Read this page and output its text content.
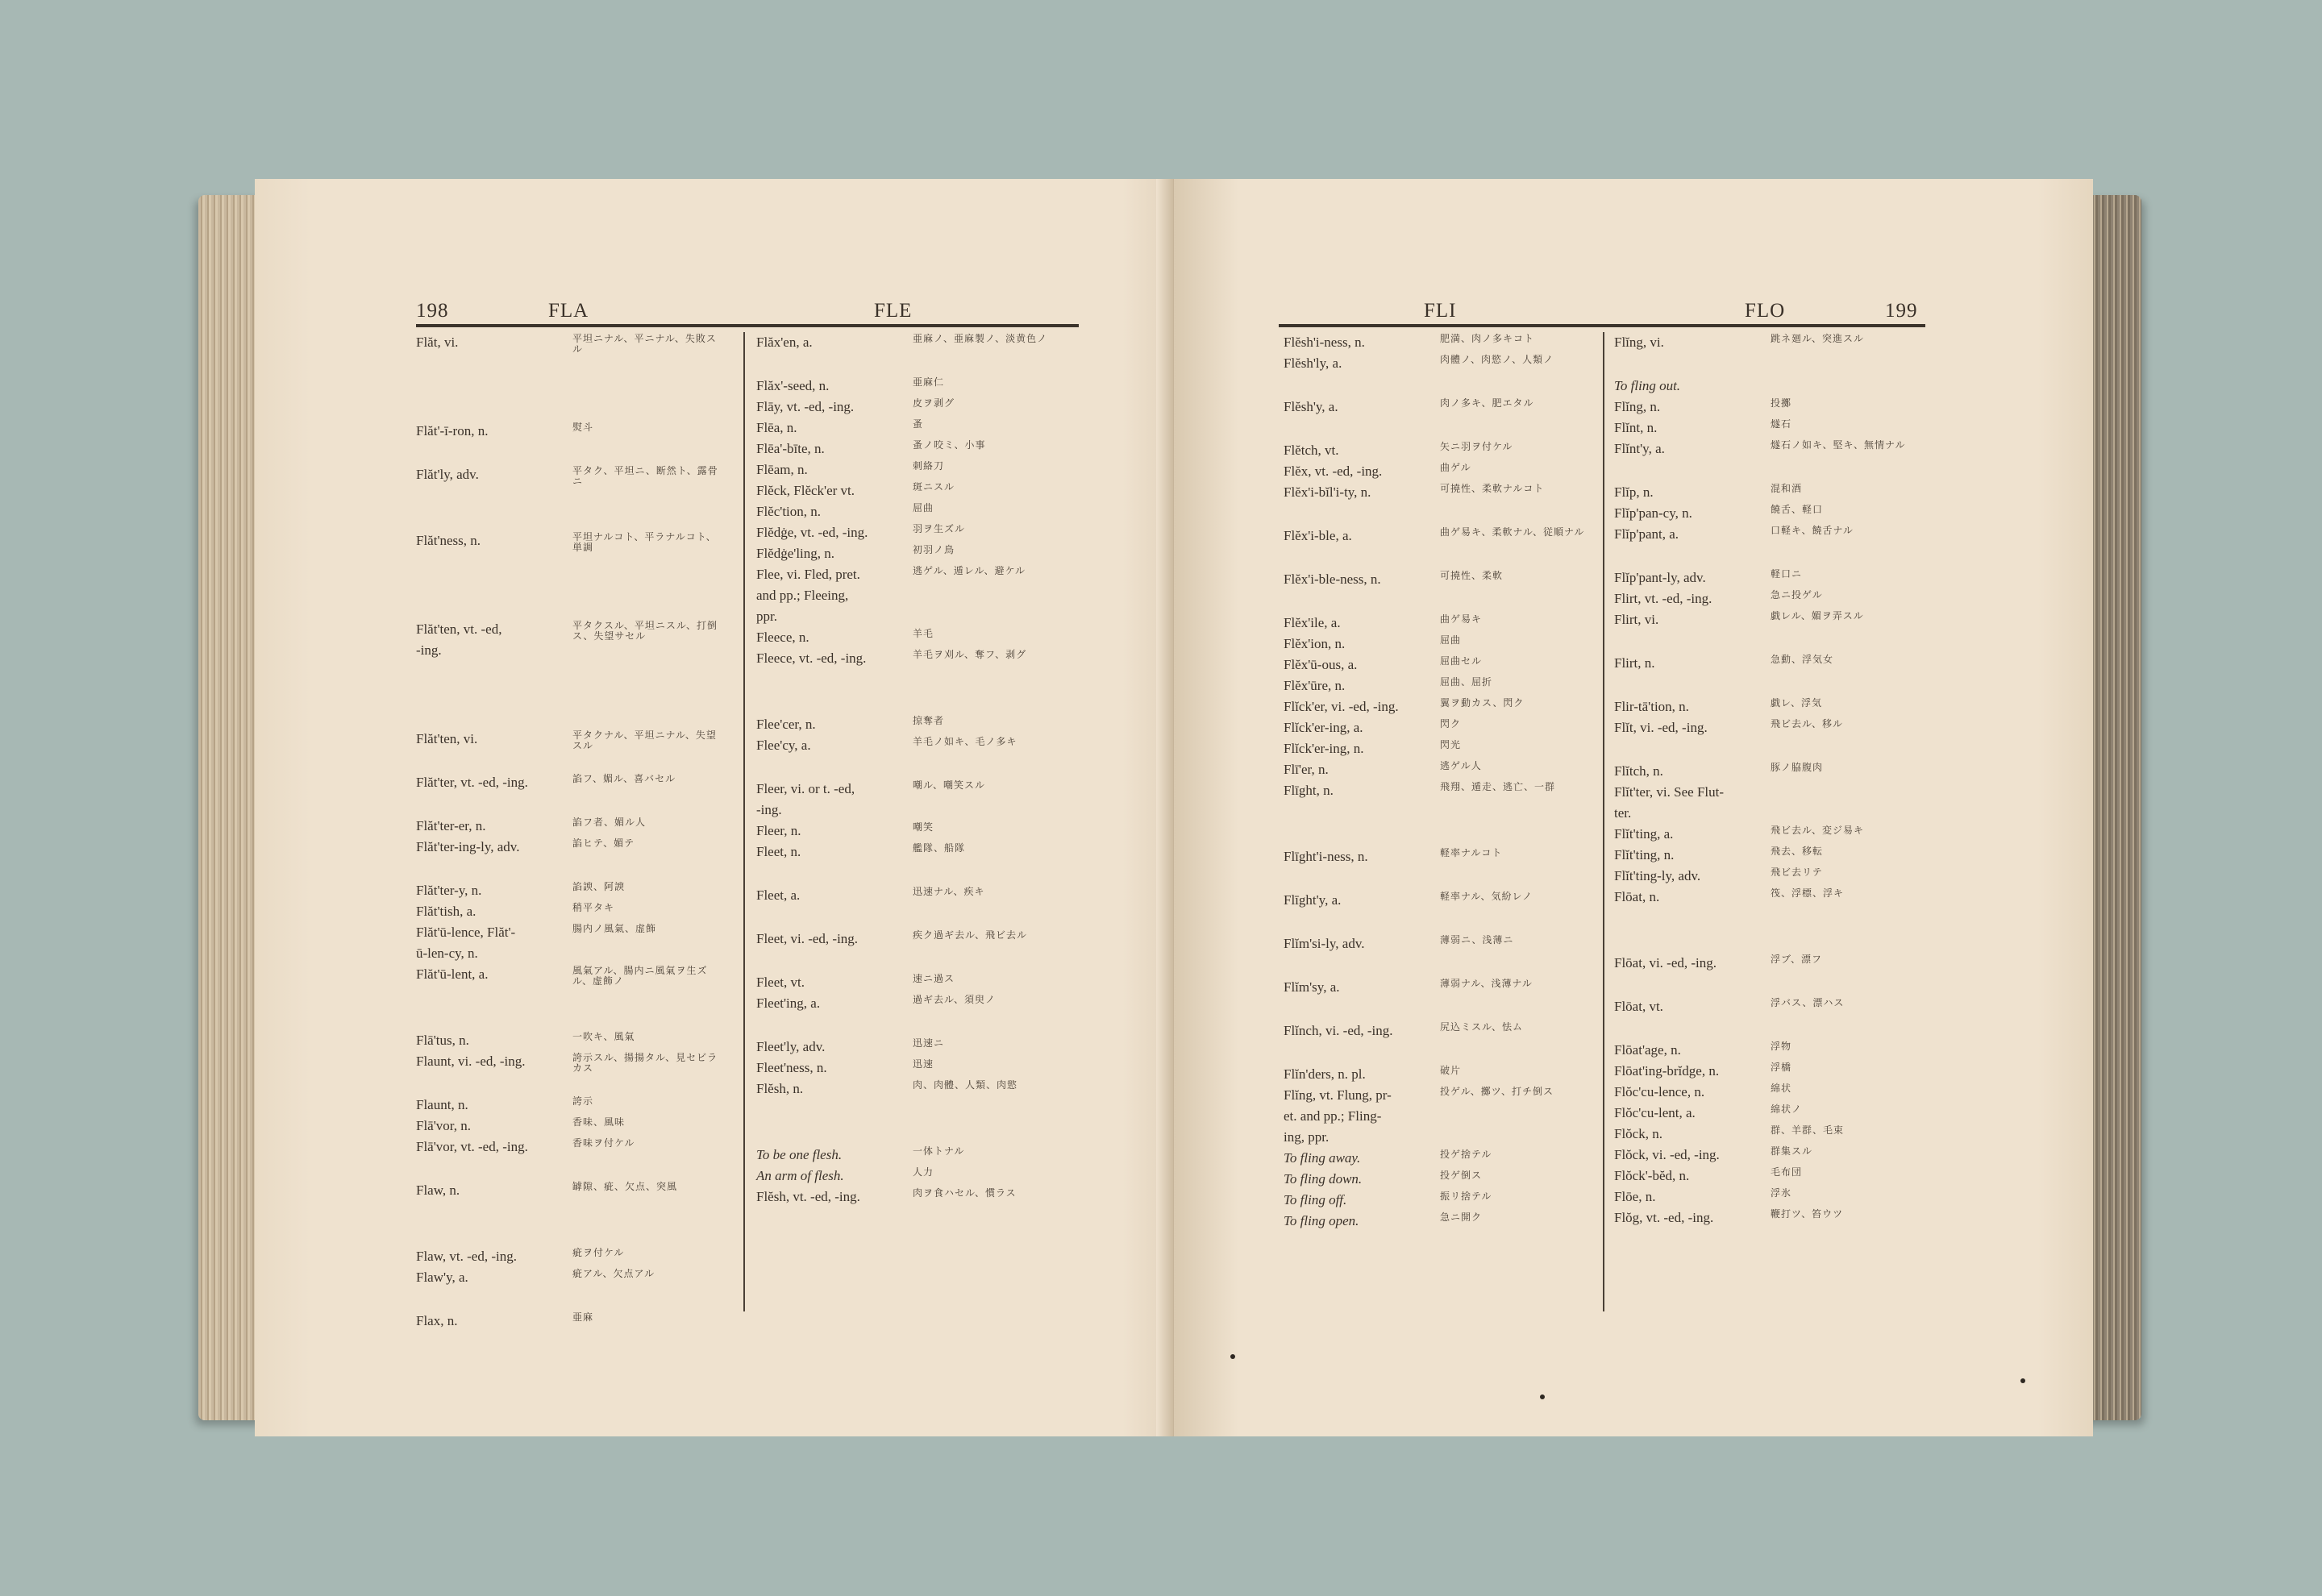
198	FLA	FLE
Flăt, vi.	平坦ニナル、平ニナル、失敗スル
Flăt'-ī-ron, n.	熨斗
Flăt'ly, adv.	平タク、平坦ニ、断然ト、露骨ニ
Flăt'ness, n.	平坦ナルコト、平ラナルコト、単調
Flăt'ten, vt. -ed,	平タクスル、平坦ニスル、打倒ス、失望サセル
-ing.
Flăt'ten, vi.	平タクナル、平坦ニナル、失望スル
Flăt'ter, vt. -ed, -ing.	諂フ、媚ル、喜バセル
Flăt'ter-er, n.	諂フ者、媚ル人
Flăt'ter-ing-ly, adv.	諂ヒテ、媚テ
Flăt'ter-y, n.	諂諛、阿諛
Flăt'tish, a.	稍平タキ
Flăt'ū-lence, Flăt'-	腸内ノ風氣、虚飾
ū-len-cy, n.
Flăt'ū-lent, a.	風氣アル、腸内ニ風氣ヲ生ズル、虚飾ノ
Flā'tus, n.	一吹キ、風氣
Flaunt, vi. -ed, -ing.	誇示スル、揚揚タル、見セビラカス
Flaunt, n.	誇示
Flā'vor, n.	香味、風味
Flā'vor, vt. -ed, -ing.	香味ヲ付ケル
Flaw, n.	罅隙、疵、欠点、突風
Flaw, vt. -ed, -ing.	疵ヲ付ケル
Flaw'y, a.	疵アル、欠点アル
Flax, n.	亜麻
Flăx'en, a.	亜麻ノ、亜麻製ノ、淡黄色ノ
Flăx'-seed, n.	亜麻仁
Flāy, vt. -ed, -ing.	皮ヲ剥グ
Flēa, n.	蚤
Flēa'-bīte, n.	蚤ノ咬ミ、小事
Flēam, n.	刺絡刀
Flĕck, Flĕck'er vt.	斑ニスル
Flĕc'tion, n.	屈曲
Flĕdġe, vt. -ed, -ing.	羽ヲ生ズル
Flĕdġe'ling, n.	初羽ノ鳥
Flee, vi. Fled, pret.	逃ゲル、遁レル、避ケル
and pp.; Fleeing,
ppr.
Fleece, n.	羊毛
Fleece, vt. -ed, -ing.	羊毛ヲ刈ル、奪フ、剥グ
Flee'cer, n.	掠奪者
Flee'cy, a.	羊毛ノ如キ、毛ノ多キ
Fleer, vi. or t. -ed,	嘲ル、嘲笑スル
-ing.
Fleer, n.	嘲笑
Fleet, n.	艦隊、船隊
Fleet, a.	迅速ナル、疾キ
Fleet, vi. -ed, -ing.	疾ク過ギ去ル、飛ビ去ル
Fleet, vt.	速ニ過ス
Fleet'ing, a.	過ギ去ル、須臾ノ
Fleet'ly, adv.	迅速ニ
Fleet'ness, n.	迅速
Flĕsh, n.	肉、肉體、人類、肉慾
To be one flesh.	一体トナル
An arm of flesh.	人力
Flĕsh, vt. -ed, -ing.	肉ヲ食ハセル、慣ラス
FLI	FLO	199
Flĕsh'i-ness, n.	肥満、肉ノ多キコト
Flĕsh'ly, a.	肉體ノ、肉慾ノ、人類ノ
Flĕsh'y, a.	肉ノ多キ、肥エタル
Flĕtch, vt.	矢ニ羽ヲ付ケル
Flĕx, vt. -ed, -ing.	曲ゲル
Flĕx'i-bĭl'i-ty, n.	可撓性、柔軟ナルコト
Flĕx'i-ble, a.	曲ゲ易キ、柔軟ナル、従順ナル
Flĕx'i-ble-ness, n.	可撓性、柔軟
Flĕx'ile, a.	曲ゲ易キ
Flĕx'ion, n.	屈曲
Flĕx'ū-ous, a.	屈曲セル
Flĕx'ūre, n.	屈曲、屈折
Flĭck'er, vi. -ed, -ing.	翼ヲ動カス、閃ク
Flĭck'er-ing, a.	閃ク
Flĭck'er-ing, n.	閃光
Flī'er, n.	逃ゲル人
Flīght, n.	飛翔、遁走、逃亡、一群
Flīght'i-ness, n.	軽率ナルコト
Flīght'y, a.	軽率ナル、気紛レノ
Flĭm'si-ly, adv.	薄弱ニ、浅薄ニ
Flĭm'sy, a.	薄弱ナル、浅薄ナル
Flĭnch, vi. -ed, -ing.	尻込ミスル、怯ム
Flĭn'ders, n. pl.	破片
Flĭng, vt. Flung, pr-	投ゲル、擲ツ、打チ倒ス
et. and pp.; Fling-
ing, ppr.
To fling away.	投ゲ捨テル
To fling down.	投ゲ倒ス
To fling off.	振リ捨テル
To fling open.	急ニ開ク
Flĭng, vi.	跳ネ廻ル、突進スル
To fling out.
Flĭng, n.	投擲
Flĭnt, n.	燧石
Flĭnt'y, a.	燧石ノ如キ、堅キ、無情ナル
Flĭp, n.	混和酒
Flĭp'pan-cy, n.	饒舌、軽口
Flĭp'pant, a.	口軽キ、饒舌ナル
Flĭp'pant-ly, adv.	軽口ニ
Flirt, vt. -ed, -ing.	急ニ投ゲル
Flirt, vi.	戯レル、媚ヲ弄スル
Flirt, n.	急動、浮気女
Flir-tā'tion, n.	戯レ、浮気
Flĭt, vi. -ed, -ing.	飛ビ去ル、移ル
Flĭtch, n.	豚ノ脇腹肉
Flĭt'ter, vi. See Flut-
ter.
Flĭt'ting, a.	飛ビ去ル、変ジ易キ
Flĭt'ting, n.	飛去、移転
Flĭt'ting-ly, adv.	飛ビ去リテ
Flōat, n.	筏、浮標、浮キ
Flōat, vi. -ed, -ing.	浮ブ、漂フ
Flōat, vt.	浮バス、漂ハス
Flōat'age, n.	浮物
Flōat'ing-brĭdge, n.	浮橋
Flŏc'cu-lence, n.	綿状
Flŏc'cu-lent, a.	綿状ノ
Flŏck, n.	群、羊群、毛束
Flŏck, vi. -ed, -ing.	群集スル
Flŏck'-bĕd, n.	毛布団
Flōe, n.	浮氷
Flŏg, vt. -ed, -ing.	鞭打ツ、笞ウツ
